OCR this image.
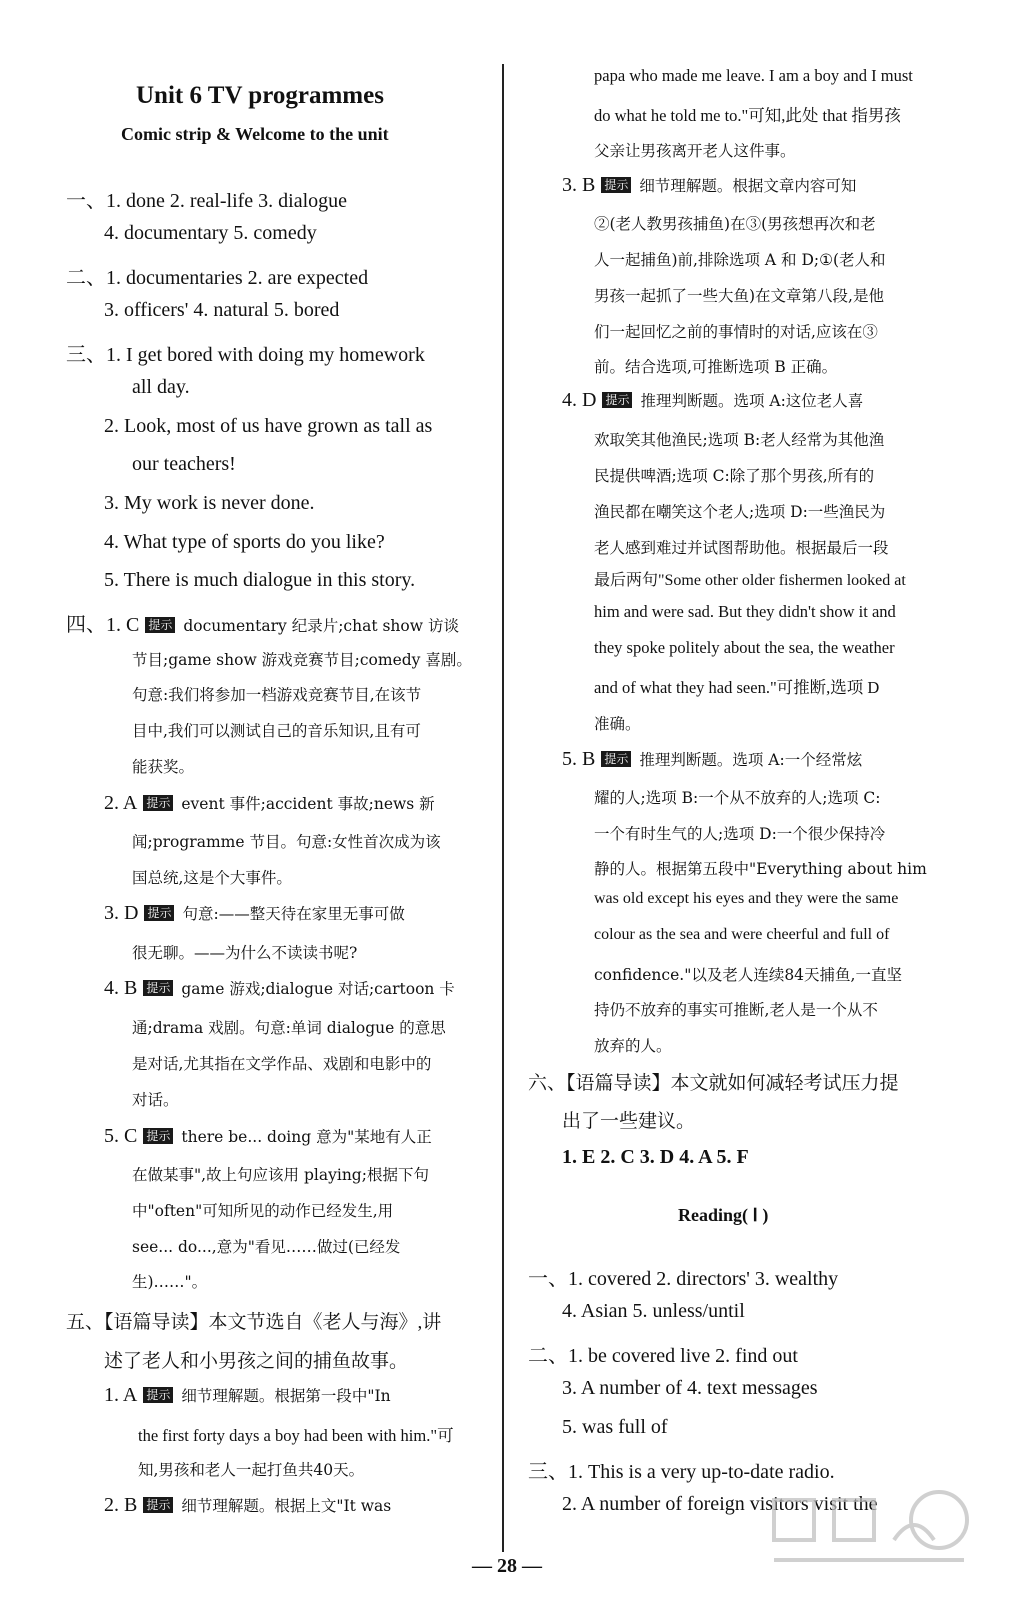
Unit 6 TV programmes
Comic strip & Welcome to the unit
一、1. done 2. real-life 3. dialogue
4. documentary 5. comedy
二、1. documentaries 2. are expected
3. officers' 4. natural 5. bored
三、1. I get bored with doing my homework
all day.
2. Look, most of us have grown as tall as
our teachers!
3. My work is never done.
4. What type of sports do you like?
5. There is much dialogue in this story.
四、1. C 提示 documentary 纪录片;chat show 访谈
节目;game show 游戏竞赛节目;comedy 喜剧。
句意:我们将参加一档游戏竞赛节目,在该节
目中,我们可以测试自己的音乐知识,且有可
能获奖。
2. A 提示 event 事件;accident 事故;news 新
闻;programme 节目。句意:女性首次成为该
国总统,这是个大事件。
3. D 提示 句意:——整天待在家里无事可做
很无聊。——为什么不读读书呢?
4. B 提示 game 游戏;dialogue 对话;cartoon 卡
通;drama 戏剧。句意:单词 dialogue 的意思
是对话,尤其指在文学作品、戏剧和电影中的
对话。
5. C 提示 there be... doing 意为"某地有人正
在做某事",故上句应该用 playing;根据下句
中"often"可知所见的动作已经发生,用
see... do...,意为"看见……做过(已经发
生)……"。
五、【语篇导读】本文节选自《老人与海》,讲
述了老人和小男孩之间的捕鱼故事。
1. A 提示 细节理解题。根据第一段中"In
the first forty days a boy had been with him."可
知,男孩和老人一起打鱼共40天。
2. B 提示 细节理解题。根据上文"It was
papa who made me leave. I am a boy and I must
do what he told me to."可知,此处 that 指男孩
父亲让男孩离开老人这件事。
3. B 提示 细节理解题。根据文章内容可知
②(老人教男孩捕鱼)在③(男孩想再次和老
人一起捕鱼)前,排除选项 A 和 D;①(老人和
男孩一起抓了一些大鱼)在文章第八段,是他
们一起回忆之前的事情时的对话,应该在③
前。结合选项,可推断选项 B 正确。
4. D 提示 推理判断题。选项 A:这位老人喜
欢取笑其他渔民;选项 B:老人经常为其他渔
民提供啤酒;选项 C:除了那个男孩,所有的
渔民都在嘲笑这个老人;选项 D:一些渔民为
老人感到难过并试图帮助他。根据最后一段
最后两句"Some other older fishermen looked at
him and were sad. But they didn't show it and
they spoke politely about the sea, the weather
and of what they had seen."可推断,选项 D
准确。
5. B 提示 推理判断题。选项 A:一个经常炫
耀的人;选项 B:一个从不放弃的人;选项 C:
一个有时生气的人;选项 D:一个很少保持冷
静的人。根据第五段中"Everything about him
was old except his eyes and they were the same
colour as the sea and were cheerful and full of
confidence."以及老人连续84天捕鱼,一直坚
持仍不放弃的事实可推断,老人是一个从不
放弃的人。
六、【语篇导读】本文就如何减轻考试压力提
出了一些建议。
1. E 2. C 3. D 4. A 5. F
Reading( Ⅰ )
一、1. covered 2. directors' 3. wealthy
4. Asian 5. unless/until
二、1. be covered live 2. find out
3. A number of 4. text messages
5. was full of
三、1. This is a very up-to-date radio.
2. A number of foreign visitors visit the
— 28 —
